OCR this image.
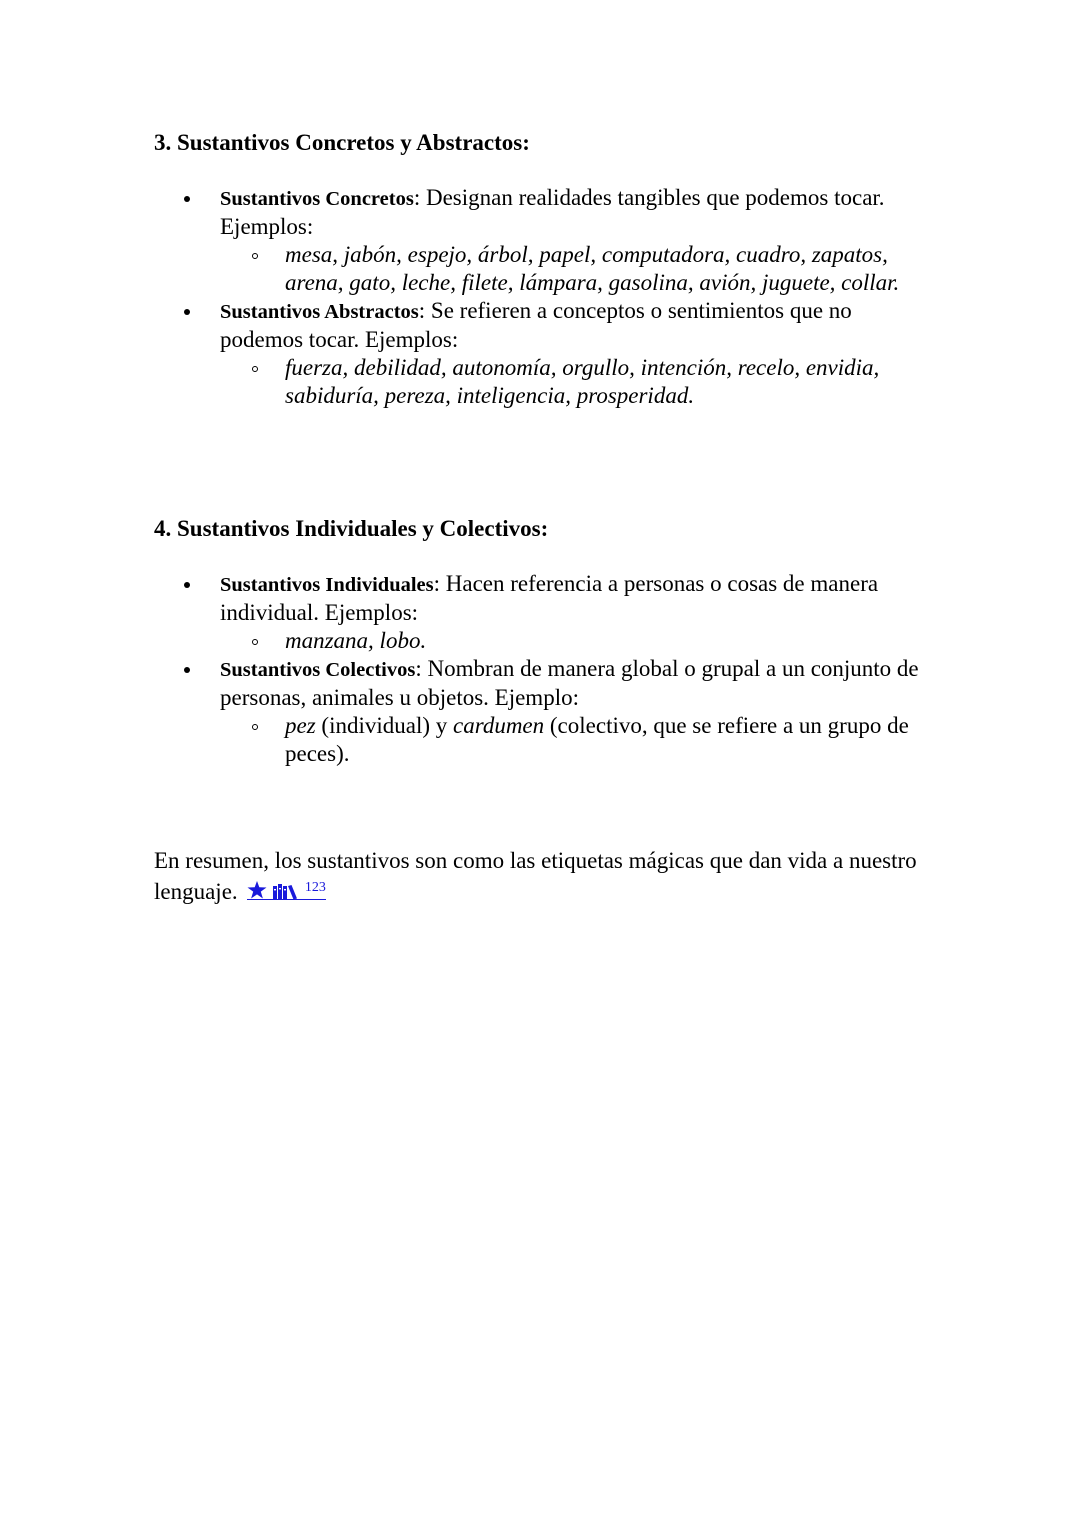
3. Sustantivos Concretos y Abstractos:
Sustantivos Concretos: Designan realidades tangibles que podemos tocar. Ejemplos:
mesa, jabón, espejo, árbol, papel, computadora, cuadro, zapatos, arena, gato, leche, filete, lámpara, gasolina, avión, juguete, collar.
Sustantivos Abstractos: Se refieren a conceptos o sentimientos que no podemos tocar. Ejemplos:
fuerza, debilidad, autonomía, orgullo, intención, recelo, envidia, sabiduría, pereza, inteligencia, prosperidad.
4. Sustantivos Individuales y Colectivos:
Sustantivos Individuales: Hacen referencia a personas o cosas de manera individual. Ejemplos:
manzana, lobo.
Sustantivos Colectivos: Nombran de manera global o grupal a un conjunto de personas, animales u objetos. Ejemplo:
pez (individual) y cardumen (colectivo, que se refiere a un grupo de peces).

En resumen, los sustantivos son como las etiquetas mágicas que dan vida a nuestro lenguaje.	$^{123}$
